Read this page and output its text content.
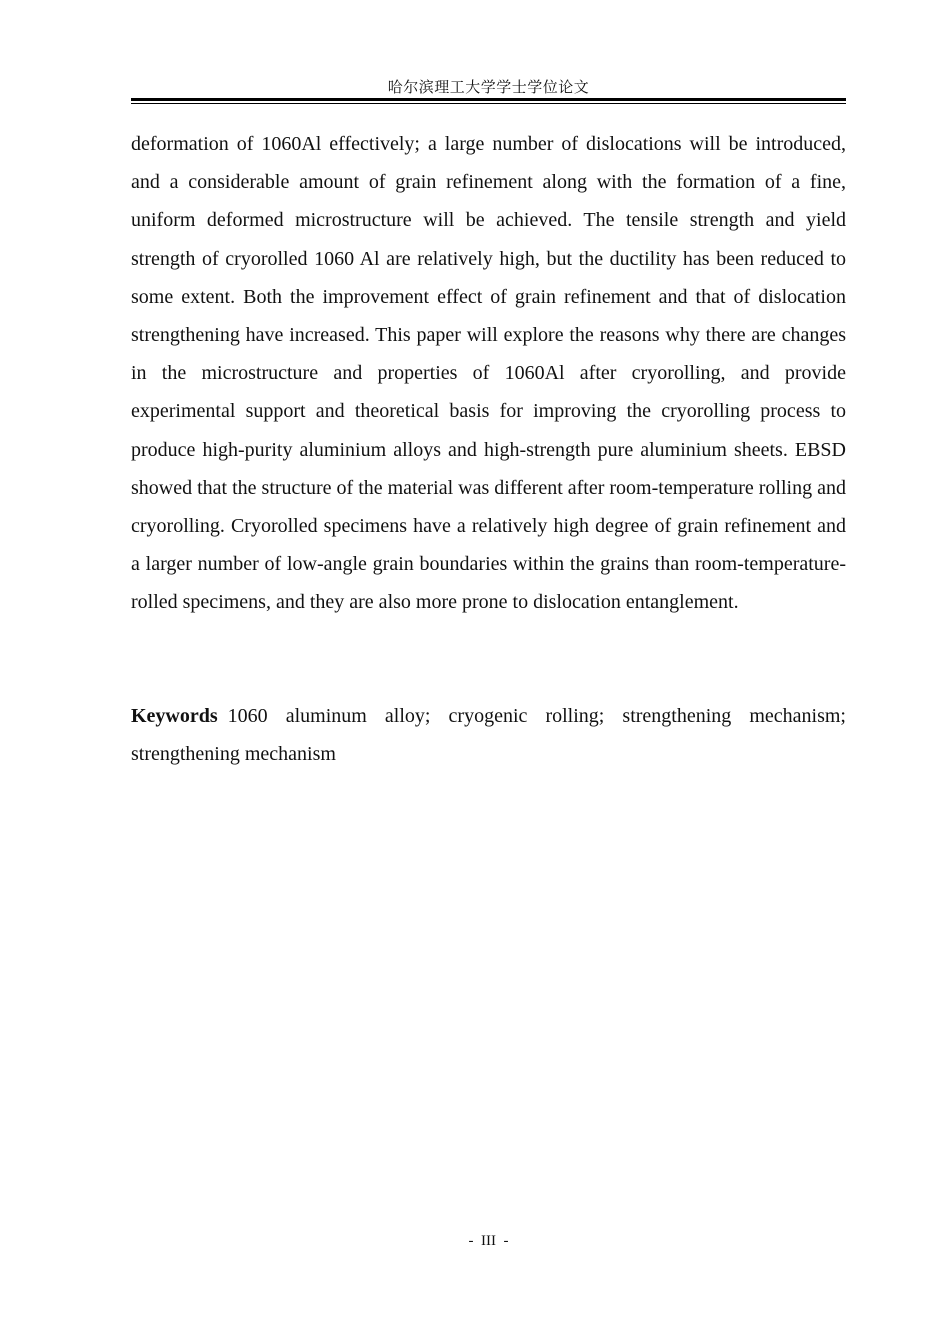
哈尔滨理工大学学士学位论文

deformation of 1060Al effectively; a large number of dislocations will be introduced, and a considerable amount of grain refinement along with the formation of a fine, uniform deformed microstructure will be achieved. The tensile strength and yield strength of cryorolled 1060 Al are relatively high, but the ductility has been reduced to some extent. Both the improvement effect of grain refinement and that of dislocation strengthening have increased. This paper will explore the reasons why there are changes in the microstructure and properties of 1060Al after cryorolling, and provide experimental support and theoretical basis for improving the cryorolling process to produce high-purity aluminium alloys and high-strength pure aluminium sheets. EBSD showed that the structure of the material was different after room-temperature rolling and cryorolling. Cryorolled specimens have a relatively high degree of grain refinement and a larger number of low-angle grain boundaries within the grains than room-temperature-rolled specimens, and they are also more prone to dislocation entanglement.

Keywords 1060 aluminum alloy; cryogenic rolling; strengthening mechanism; strengthening mechanism

-  III  -
